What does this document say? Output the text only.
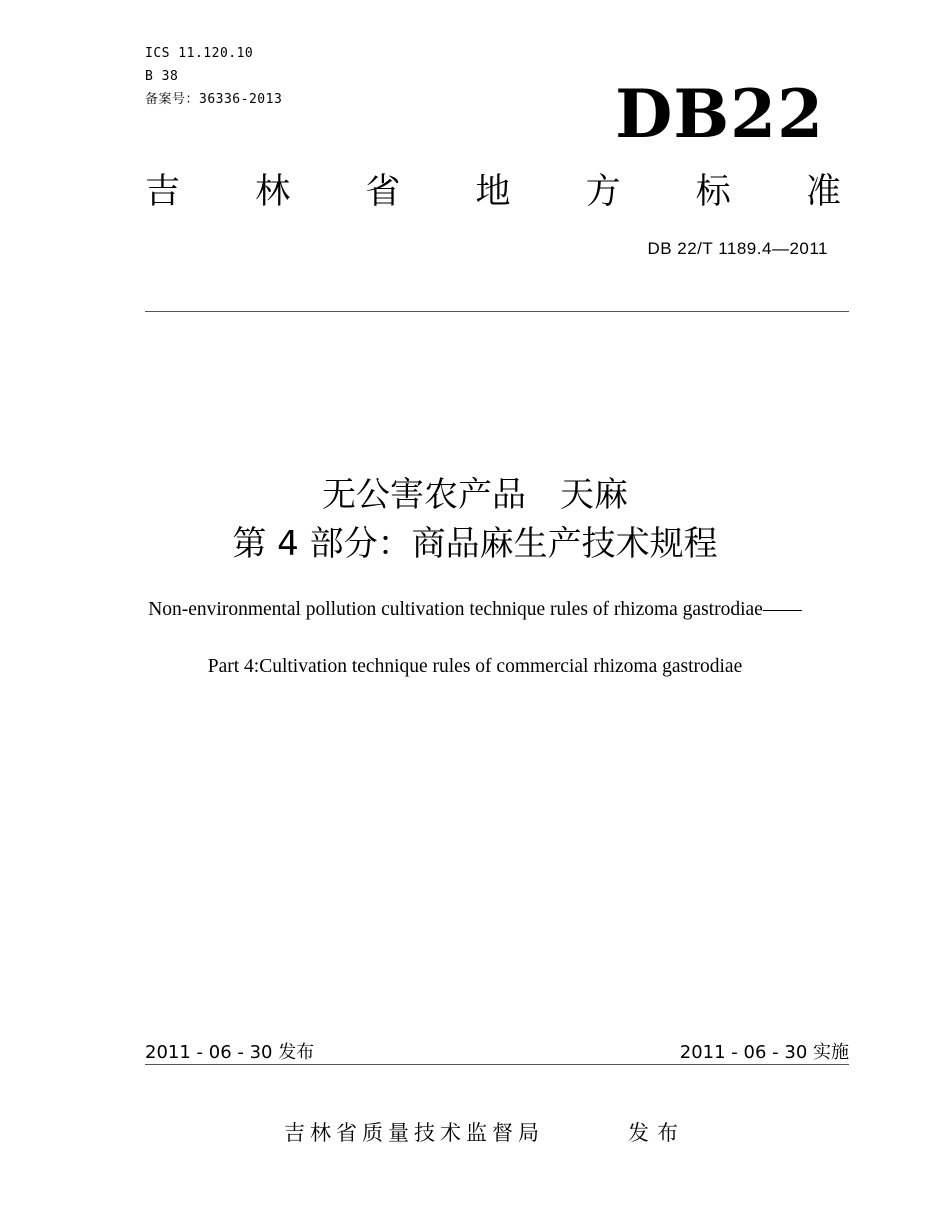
ICS 11.120.10
B 38
备案号：36336-2013	DB22
吉 林 省 地 方 标 准
DB 22/T 1189.4—2011
无公害农产品　天麻
第 4 部分：商品麻生产技术规程
Non-environmental pollution cultivation technique rules of rhizoma gastrodiae——
Part 4:Cultivation technique rules of commercial rhizoma gastrodiae
2011 - 06 - 30 发布	2011 - 06 - 30 实施
吉林省质量技术监督局	发布
